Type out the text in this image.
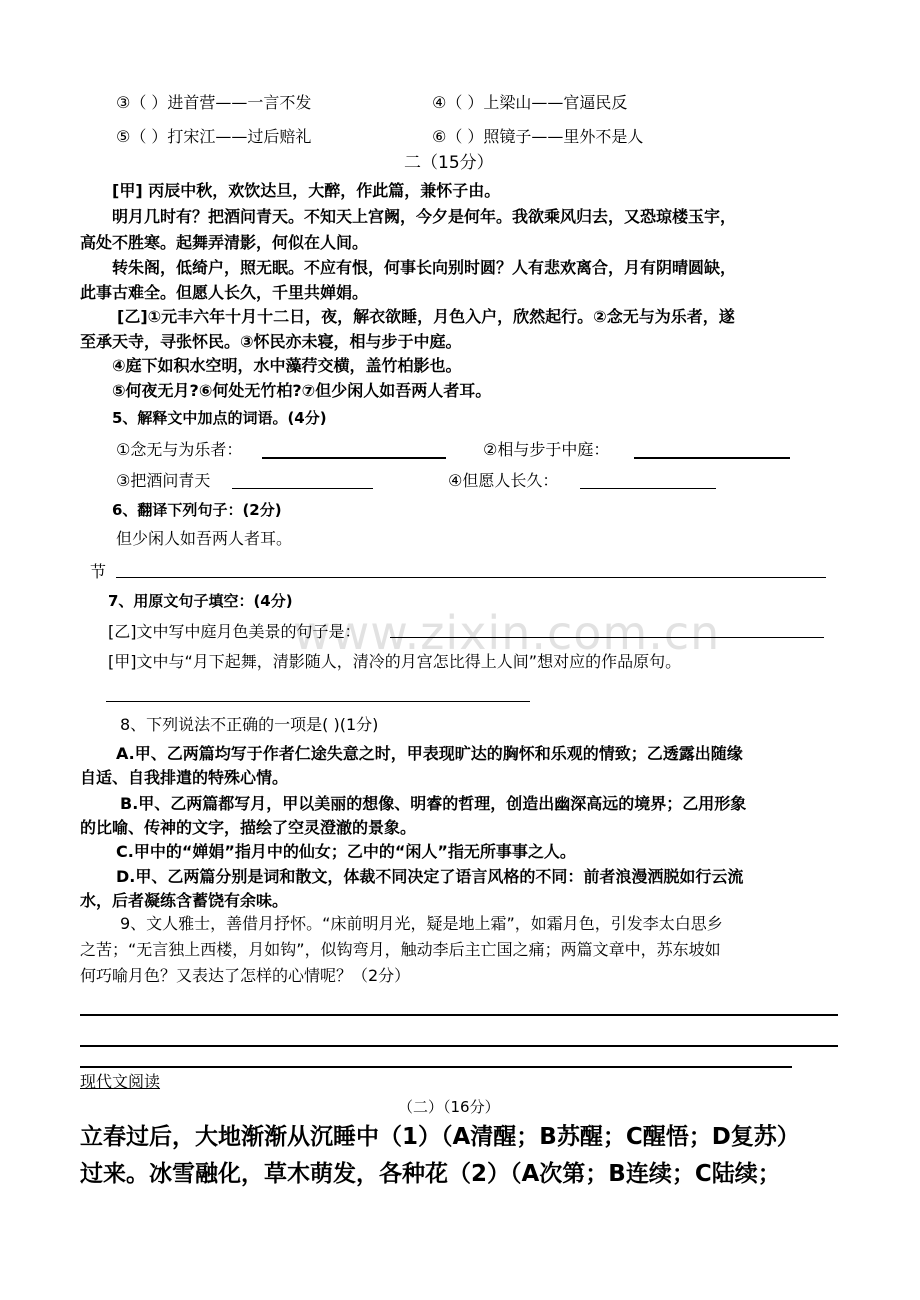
www.zixin.com.cn
③（ ）进首营——一言不发	④（ ）上梁山——官逼民反
⑤（ ）打宋江——过后赔礼	⑥（ ）照镜子——里外不是人
二（15分）
[甲] 丙辰中秋，欢饮达旦，大醉，作此篇，兼怀子由。
明月几时有？把酒问青天。不知天上宫阙，今夕是何年。我欲乘风归去，又恐琼楼玉宇，
高处不胜寒。起舞弄清影，何似在人间。
转朱阁，低绮户，照无眠。不应有恨，何事长向别时圆？人有悲欢离合，月有阴晴圆缺，
此事古难全。但愿人长久，千里共婵娟。
[乙]①元丰六年十月十二日，夜，解衣欲睡，月色入户，欣然起行。②念无与为乐者，遂
至承天寺，寻张怀民。③怀民亦未寝，相与步于中庭。
④庭下如积水空明，水中藻荇交横，盖竹柏影也。
⑤何夜无月?⑥何处无竹柏?⑦但少闲人如吾两人者耳。
5、解释文中加点的词语。(4分)
①念无与为乐者：	②相与步于中庭：
③把酒问青天	④但愿人长久：
6、翻译下列句子：(2分)
但少闲人如吾两人者耳。
节
7、用原文句子填空：(4分)
[乙]文中写中庭月色美景的句子是：
[甲]文中与“月下起舞，清影随人，清冷的月宫怎比得上人间”想对应的作品原句。
8、下列说法不正确的一项是( )(1分)
A.甲、乙两篇均写于作者仁途失意之时，甲表现旷达的胸怀和乐观的情致；乙透露出随缘
自适、自我排遣的特殊心情。
B.甲、乙两篇都写月，甲以美丽的想像、明睿的哲理，创造出幽深高远的境界；乙用形象
的比喻、传神的文字，描绘了空灵澄澈的景象。
C.甲中的“婵娟”指月中的仙女；乙中的“闲人”指无所事事之人。
D.甲、乙两篇分别是词和散文，体裁不同决定了语言风格的不同：前者浪漫洒脱如行云流
水，后者凝练含蓄饶有余味。
9、文人雅士，善借月抒怀。“床前明月光，疑是地上霜”，如霜月色，引发李太白思乡
之苦；“无言独上西楼，月如钩”，似钩弯月，触动李后主亡国之痛；两篇文章中，苏东坡如
何巧喻月色？又表达了怎样的心情呢？（2分）
现代文阅读
（二）（16分）
立春过后，大地渐渐从沉睡中（1）（A清醒；B苏醒；C醒悟；D复苏）
过来。冰雪融化，草木萌发，各种花（2）（A次第；B连续；C陆续；
